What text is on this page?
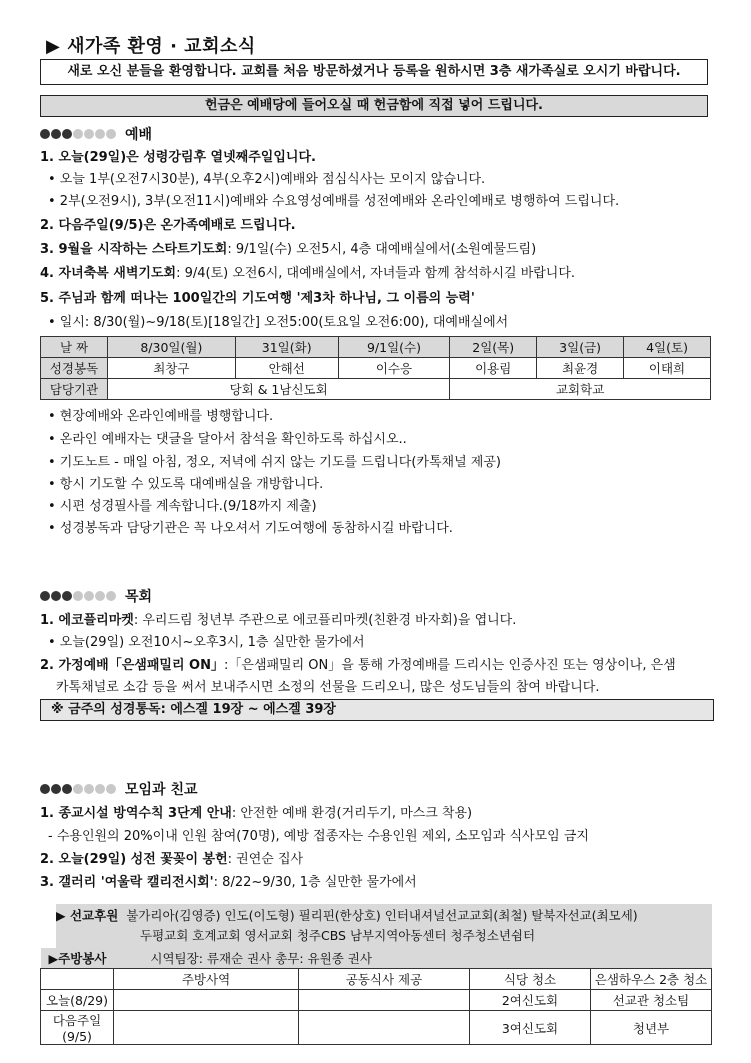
▶ 새가족 환영 · 교회소식
새로 오신 분들을 환영합니다. 교회를 처음 방문하셨거나 등록을 원하시면 3층 새가족실로 오시기 바랍니다.
헌금은 예배당에 들어오실 때 헌금함에 직접 넣어 드립니다.
예배
1. 오늘(29일)은 성령강림후 열넷째주일입니다.
• 오늘 1부(오전7시30분), 4부(오후2시)예배와 점심식사는 모이지 않습니다.
• 2부(오전9시), 3부(오전11시)예배와 수요영성예배를 성전예배와 온라인예배로 병행하여 드립니다.
2. 다음주일(9/5)은 온가족예배로 드립니다.
3. 9월을 시작하는 스타트기도회: 9/1일(수) 오전5시, 4층 대예배실에서(소원예물드림)
4. 자녀축복 새벽기도회: 9/4(토) 오전6시, 대예배실에서, 자녀들과 함께 참석하시길 바랍니다.
5. 주님과 함께 떠나는 100일간의 기도여행 '제3차 하나님, 그 이름의 능력'
• 일시: 8/30(월)~9/18(토)[18일간] 오전5:00(토요일 오전6:00), 대예배실에서
날 짜	8/30일(월)	31일(화)	9/1일(수)	2일(목)	3일(금)	4일(토)
성경봉독	최창구	안해선	이수응	이용림	최윤경	이태희
담당기관	당회 & 1남신도회			교회학교		
• 현장예배와 온라인예배를 병행합니다.
• 온라인 예배자는 댓글을 달아서 참석을 확인하도록 하십시오..
• 기도노트 - 매일 아침, 정오, 저녁에 쉬지 않는 기도를 드립니다(카톡채널 제공)
• 항시 기도할 수 있도록 대예배실을 개방합니다.
• 시편 성경필사를 계속합니다.(9/18까지 제출)
• 성경봉독과 담당기관은 꼭 나오셔서 기도여행에 동참하시길 바랍니다.
목회
1. 에코플리마켓: 우리드림 청년부 주관으로 에코플리마켓(친환경 바자회)을 엽니다.
• 오늘(29일) 오전10시~오후3시, 1층 실만한 물가에서
2. 가정예배「은샘패밀리 ON」:「은샘패밀리 ON」을 통해 가정예배를 드리시는 인증사진 또는 영상이나, 은샘
카톡채널로 소감 등을 써서 보내주시면 소정의 선물을 드리오니, 많은 성도님들의 참여 바랍니다.
※ 금주의 성경통독: 에스겔 19장 ~ 에스겔 39장
모임과 친교
1. 종교시설 방역수칙 3단계 안내: 안전한 예배 환경(거리두기, 마스크 착용)
- 수용인원의 20%이내 인원 참여(70명), 예방 접종자는 수용인원 제외, 소모임과 식사모임 금지
2. 오늘(29일) 성전 꽃꽂이 봉헌: 권연순 집사
3. 갤러리 '여울락 캘리전시회': 8/22~9/30, 1층 실만한 물가에서
▶ 선교후원 불가리아(김영증) 인도(이도형) 필리핀(한상호) 인터내셔널선교교회(최철) 탈북자선교(최모세)
두평교회 호계교회 영서교회 청주CBS 남부지역아동센터 청주청소년쉼터
▶주방봉사 시역팀장: 류재순 권사 총무: 유원종 권사				
	주방사역	공동식사 제공	식당 청소	은샘하우스 2층 청소
오늘(8/29)			2여신도회	선교관 청소팀
다음주일(9/5)			3여신도회	청년부
